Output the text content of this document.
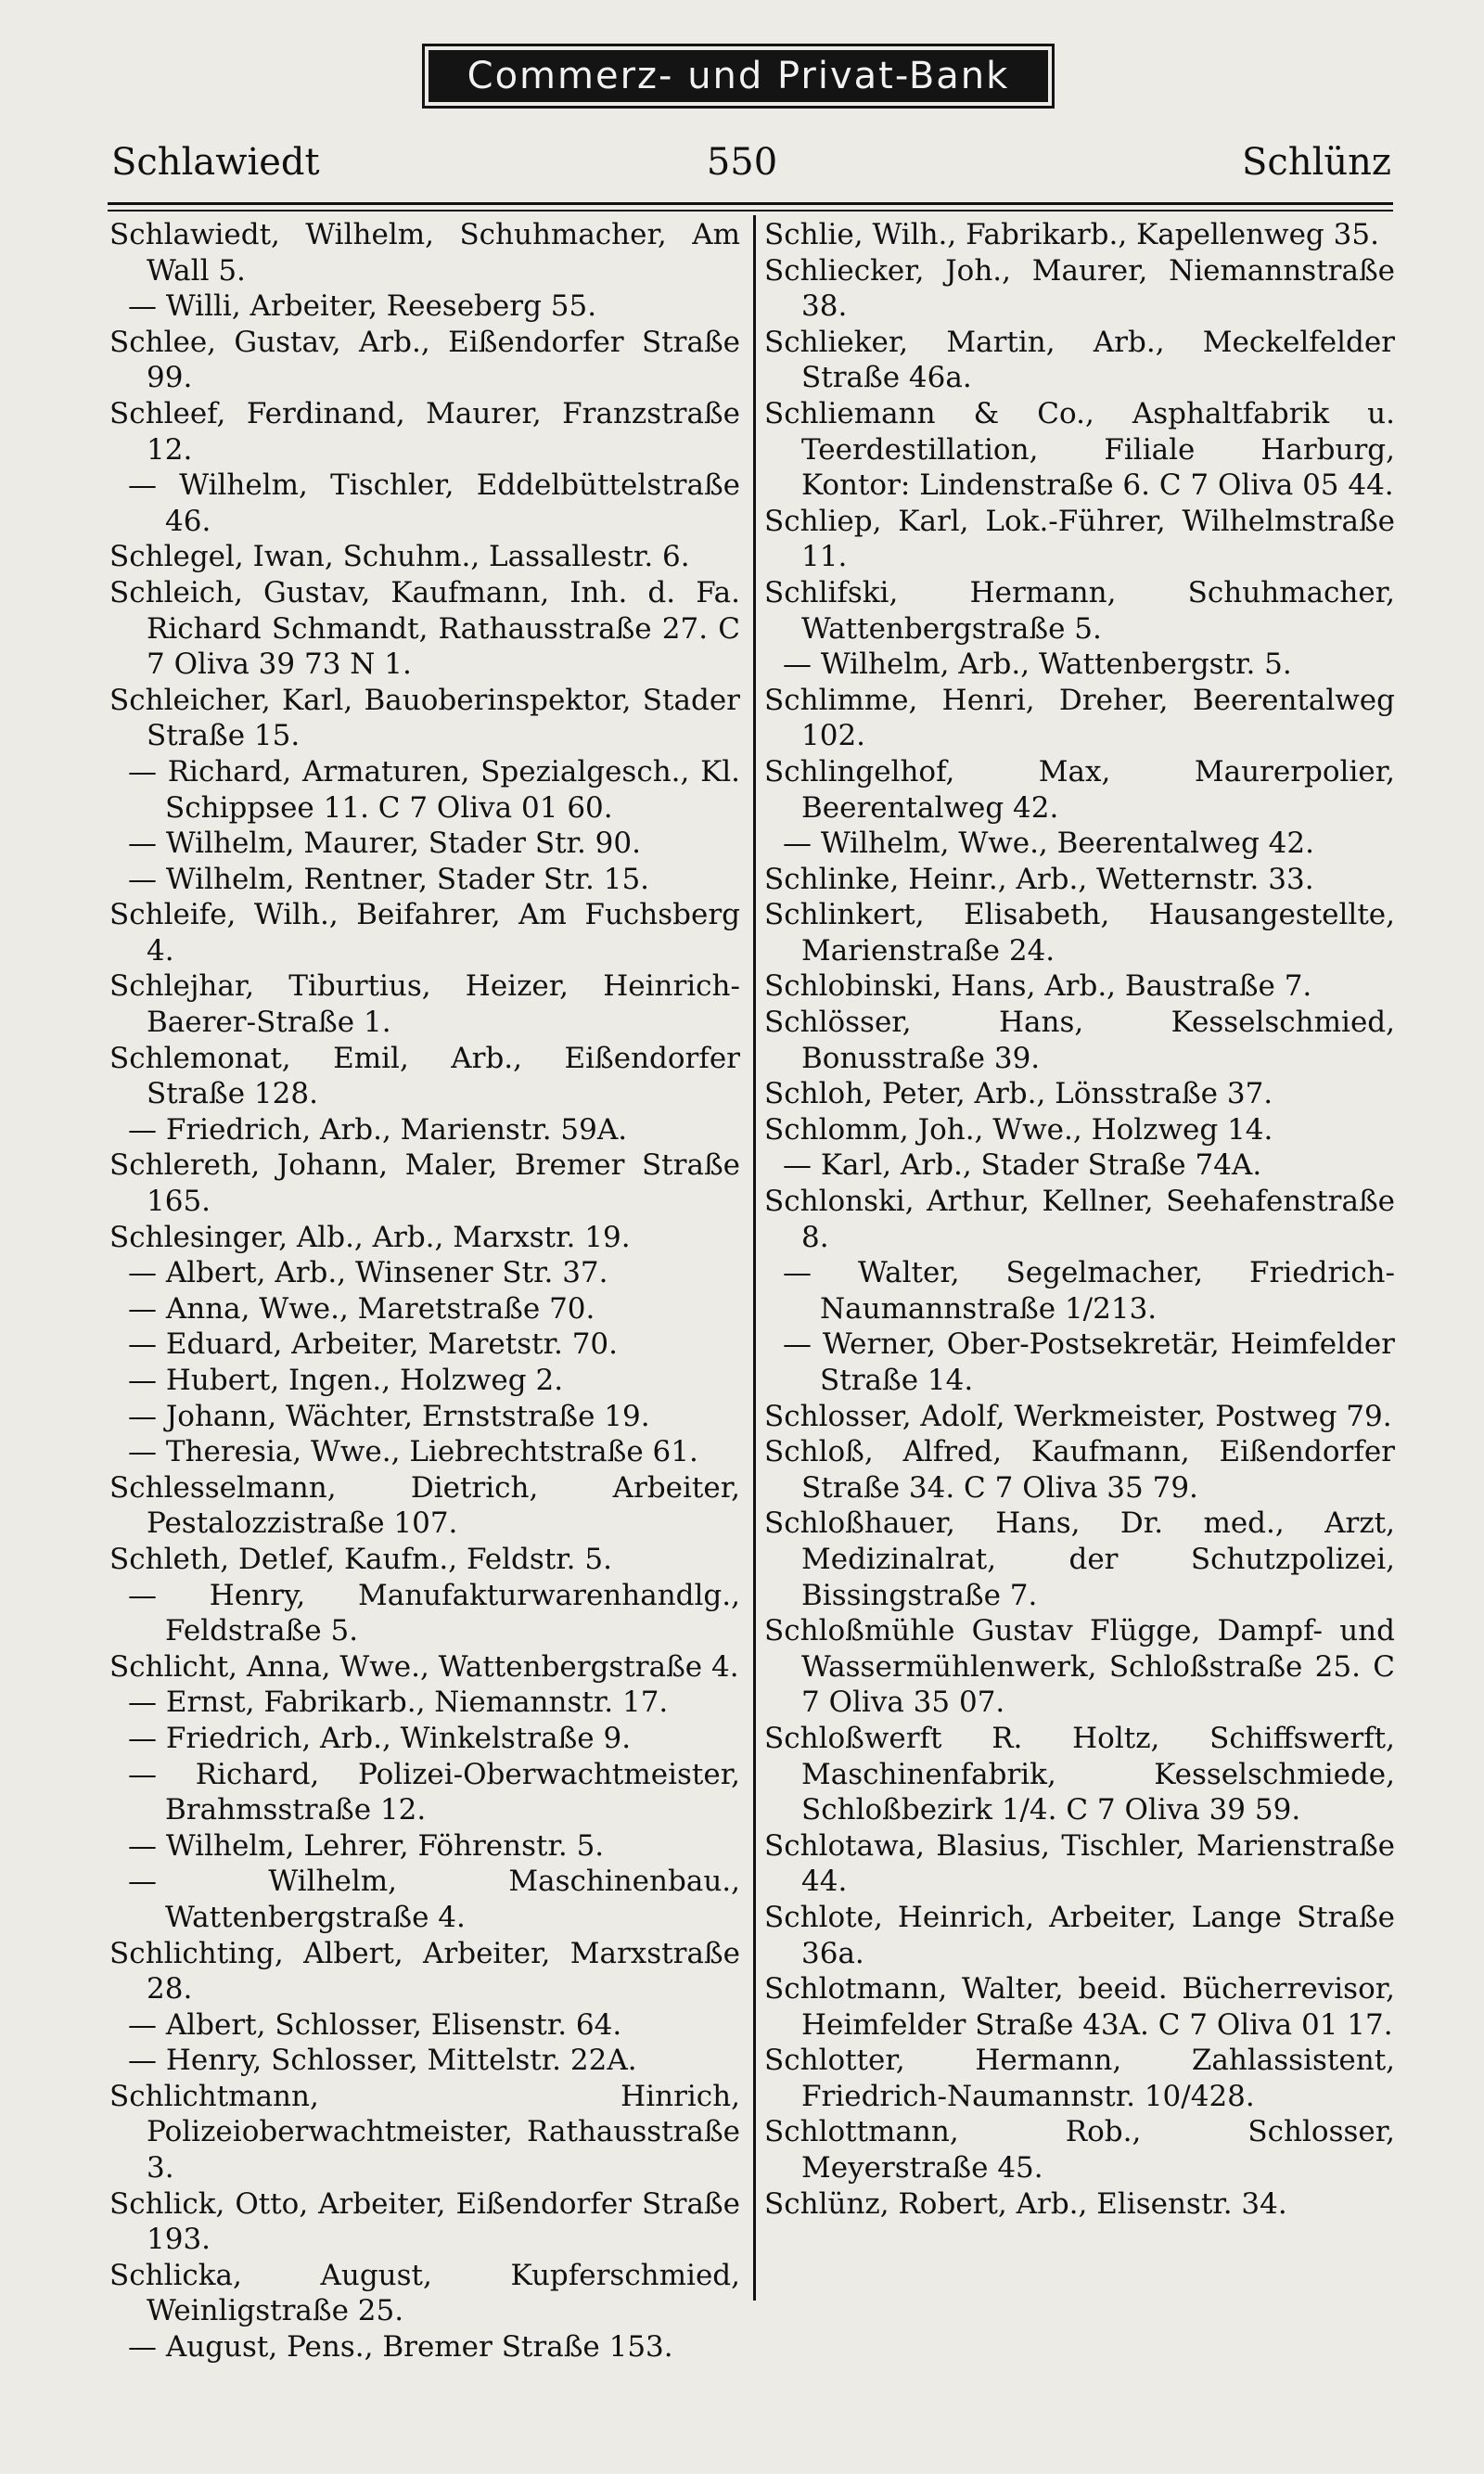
Commerz- und Privat-Bank
Schlawiedt	550	Schlünz
Schlawiedt, Wilhelm, Schuhmacher, Am Wall 5.
— Willi, Arbeiter, Reeseberg 55.
Schlee, Gustav, Arb., Eißendorfer Straße 99.
Schleef, Ferdinand, Maurer, Franzstraße 12.
— Wilhelm, Tischler, Eddelbüttelstraße 46.
Schlegel, Iwan, Schuhm., Lassallestr. 6.
Schleich, Gustav, Kaufmann, Inh. d. Fa. Richard Schmandt, Rathausstraße 27. C 7 Oliva 39 73 N 1.
Schleicher, Karl, Bauoberinspektor, Stader Straße 15.
— Richard, Armaturen, Spezialgesch., Kl. Schippsee 11. C 7 Oliva 01 60.
— Wilhelm, Maurer, Stader Str. 90.
— Wilhelm, Rentner, Stader Str. 15.
Schleife, Wilh., Beifahrer, Am Fuchsberg 4.
Schlejhar, Tiburtius, Heizer, Heinrich-Baerer-Straße 1.
Schlemonat, Emil, Arb., Eißendorfer Straße 128.
— Friedrich, Arb., Marienstr. 59A.
Schlereth, Johann, Maler, Bremer Straße 165.
Schlesinger, Alb., Arb., Marxstr. 19.
— Albert, Arb., Winsener Str. 37.
— Anna, Wwe., Maretstraße 70.
— Eduard, Arbeiter, Maretstr. 70.
— Hubert, Ingen., Holzweg 2.
— Johann, Wächter, Ernststraße 19.
— Theresia, Wwe., Liebrechtstraße 61.
Schlesselmann, Dietrich, Arbeiter, Pestalozzistraße 107.
Schleth, Detlef, Kaufm., Feldstr. 5.
— Henry, Manufakturwarenhandlg., Feldstraße 5.
Schlicht, Anna, Wwe., Wattenbergstraße 4.
— Ernst, Fabrikarb., Niemannstr. 17.
— Friedrich, Arb., Winkelstraße 9.
— Richard, Polizei-Oberwachtmeister, Brahmsstraße 12.
— Wilhelm, Lehrer, Föhrenstr. 5.
— Wilhelm, Maschinenbau., Wattenbergstraße 4.
Schlichting, Albert, Arbeiter, Marxstraße 28.
— Albert, Schlosser, Elisenstr. 64.
— Henry, Schlosser, Mittelstr. 22A.
Schlichtmann, Hinrich, Polizeioberwachtmeister, Rathausstraße 3.
Schlick, Otto, Arbeiter, Eißendorfer Straße 193.
Schlicka, August, Kupferschmied, Weinligstraße 25.
— August, Pens., Bremer Straße 153.
Schlie, Wilh., Fabrikarb., Kapellenweg 35.
Schliecker, Joh., Maurer, Niemannstraße 38.
Schlieker, Martin, Arb., Meckelfelder Straße 46a.
Schliemann & Co., Asphaltfabrik u. Teerdestillation, Filiale Harburg, Kontor: Lindenstraße 6. C 7 Oliva 05 44.
Schliep, Karl, Lok.-Führer, Wilhelmstraße 11.
Schlifski, Hermann, Schuhmacher, Wattenbergstraße 5.
— Wilhelm, Arb., Wattenbergstr. 5.
Schlimme, Henri, Dreher, Beerentalweg 102.
Schlingelhof, Max, Maurerpolier, Beerentalweg 42.
— Wilhelm, Wwe., Beerentalweg 42.
Schlinke, Heinr., Arb., Wetternstr. 33.
Schlinkert, Elisabeth, Hausangestellte, Marienstraße 24.
Schlobinski, Hans, Arb., Baustraße 7.
Schlösser, Hans, Kesselschmied, Bonusstraße 39.
Schloh, Peter, Arb., Lönsstraße 37.
Schlomm, Joh., Wwe., Holzweg 14.
— Karl, Arb., Stader Straße 74A.
Schlonski, Arthur, Kellner, Seehafenstraße 8.
— Walter, Segelmacher, Friedrich-Naumannstraße 1/213.
— Werner, Ober-Postsekretär, Heimfelder Straße 14.
Schlosser, Adolf, Werkmeister, Postweg 79.
Schloß, Alfred, Kaufmann, Eißendorfer Straße 34. C 7 Oliva 35 79.
Schloßhauer, Hans, Dr. med., Arzt, Medizinalrat, der Schutzpolizei, Bissingstraße 7.
Schloßmühle Gustav Flügge, Dampf- und Wassermühlenwerk, Schloßstraße 25. C 7 Oliva 35 07.
Schloßwerft R. Holtz, Schiffswerft, Maschinenfabrik, Kesselschmiede, Schloßbezirk 1/4. C 7 Oliva 39 59.
Schlotawa, Blasius, Tischler, Marienstraße 44.
Schlote, Heinrich, Arbeiter, Lange Straße 36a.
Schlotmann, Walter, beeid. Bücherrevisor, Heimfelder Straße 43A. C 7 Oliva 01 17.
Schlotter, Hermann, Zahlassistent, Friedrich-Naumannstr. 10/428.
Schlottmann, Rob., Schlosser, Meyerstraße 45.
Schlünz, Robert, Arb., Elisenstr. 34.
